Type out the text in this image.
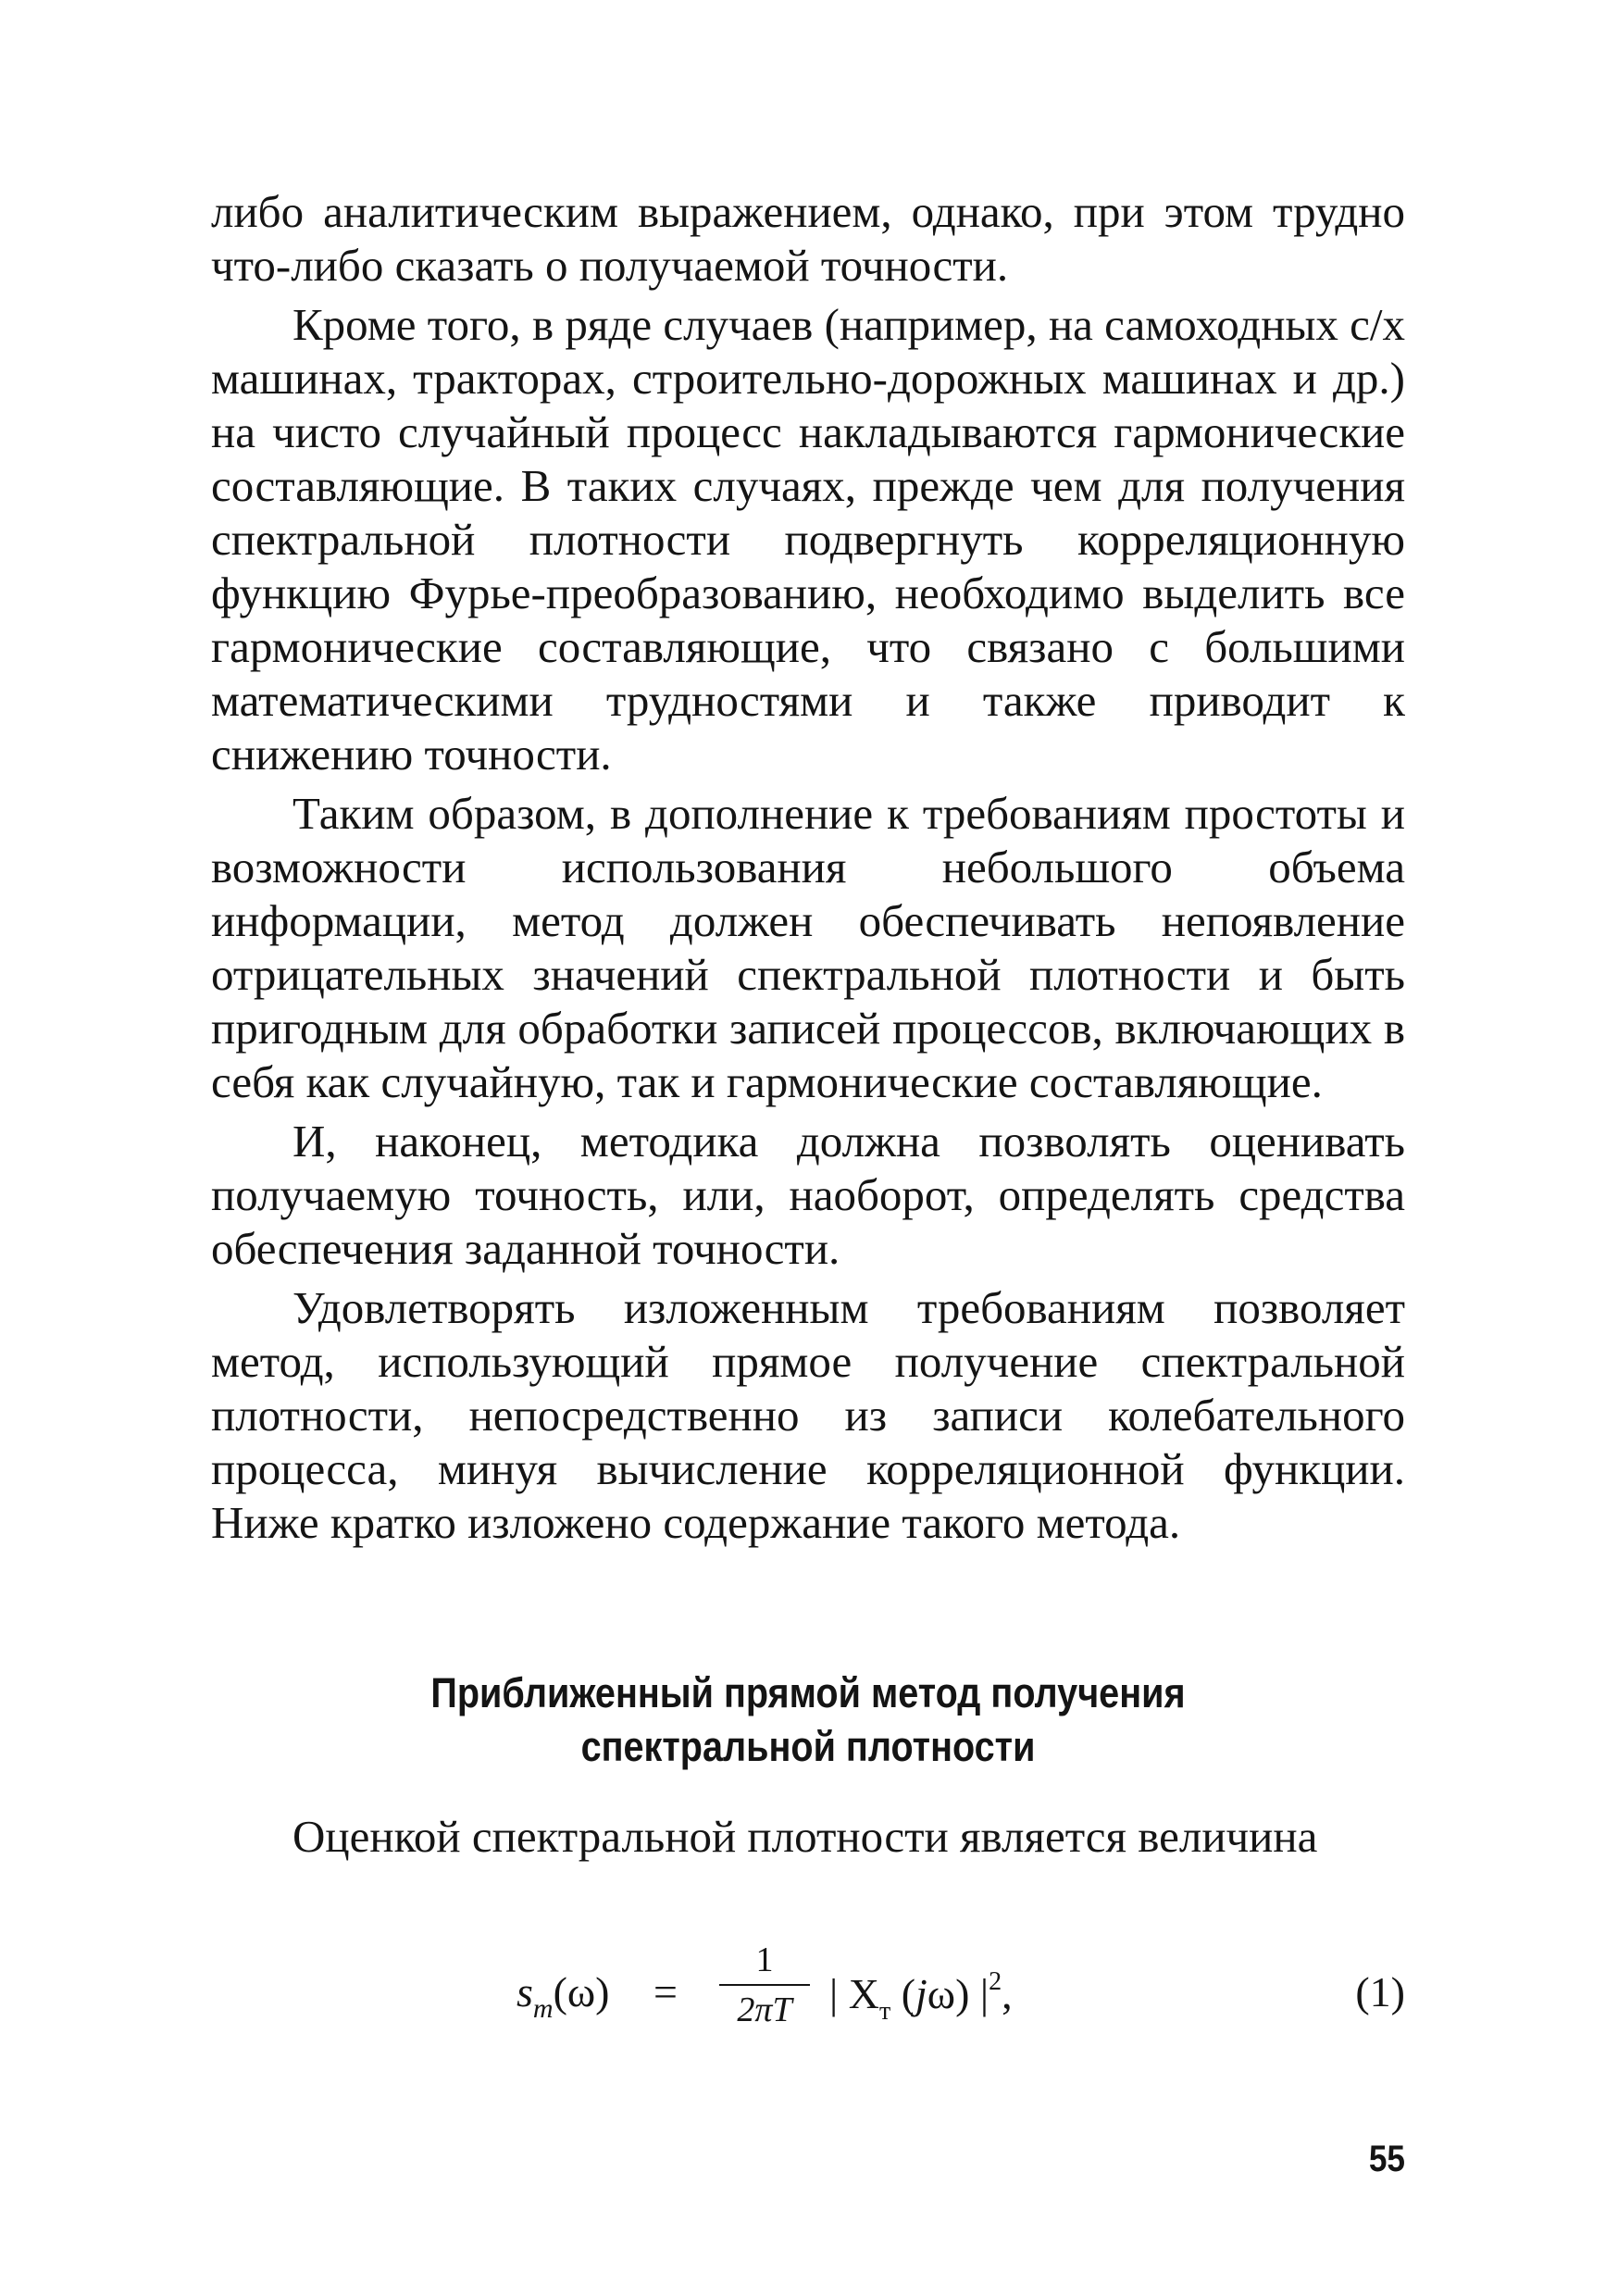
либо аналитическим выражением, однако, при этом трудно что-либо сказать о получаемой точности.

Кроме того, в ряде случаев (например, на самоходных с/х машинах, тракторах, строительно-дорожных машинах и др.) на чисто случайный процесс накладываются гармонические составляющие. В таких случаях, прежде чем для получения спектральной плотности подвергнуть корреляционную функцию Фурье-преобразованию, необходимо выделить все гармонические составляющие, что связано с большими математическими трудностями и также приводит к снижению точности.

Таким образом, в дополнение к требованиям простоты и возможности использования небольшого объема информации, метод должен обеспечивать непоявление отрицательных значений спектральной плотности и быть пригодным для обработки записей процессов, включающих в себя как случайную, так и гармонические составляющие.

И, наконец, методика должна позволять оценивать получаемую точность, или, наоборот, определять средства обеспечения заданной точности.

Удовлетворять изложенным требованиям позволяет метод, использующий прямое получение спектральной плотности, непосредственно из записи колебательного процесса, минуя вычисление корреляционной функции. Ниже кратко изложено содержание такого метода.

Приближенный прямой метод получения
спектральной плотности

Оценкой спектральной плотности является величина

$s_m(\omega)$ =
1
2πT | $X_т$ (jω) $|^2$,	(1)
55
